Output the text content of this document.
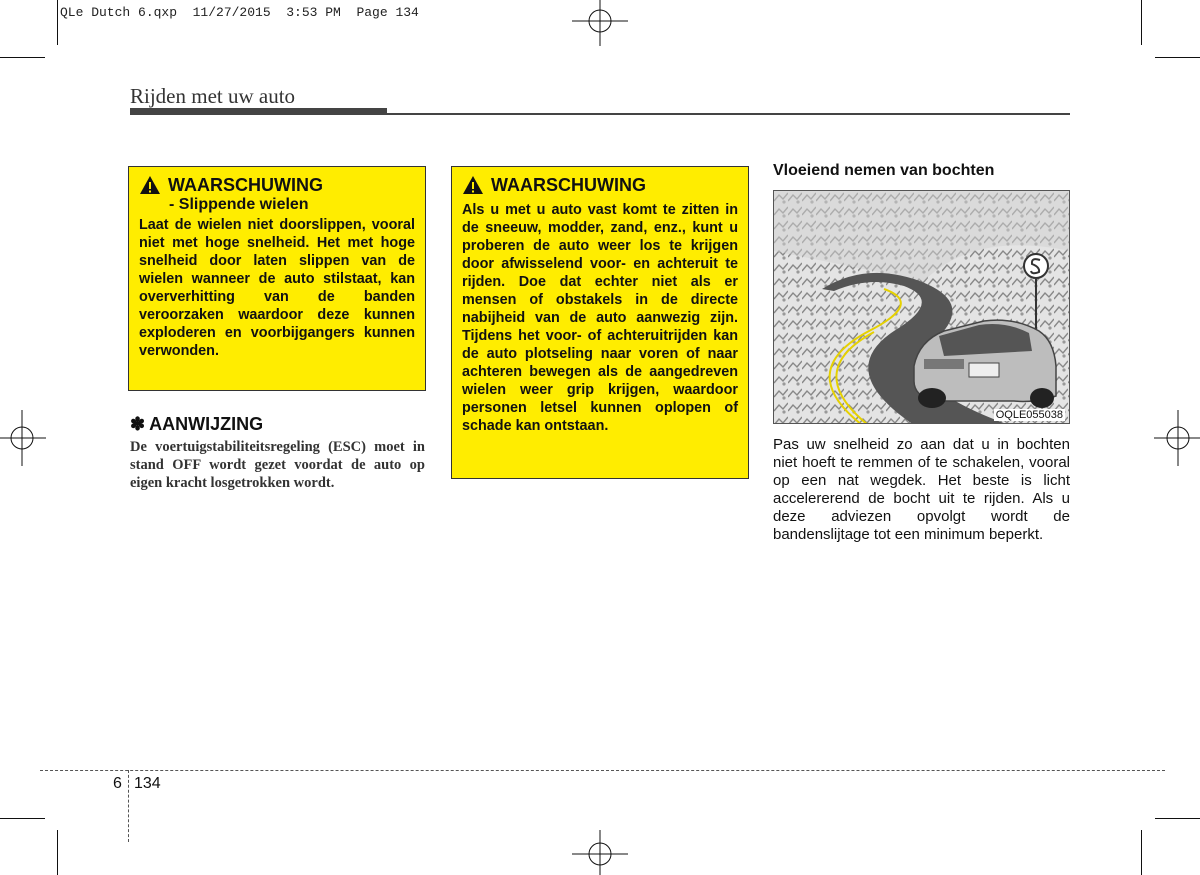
QLe Dutch 6.qxp  11/27/2015  3:53 PM  Page 134
Rijden met uw auto
WAARSCHUWING
- Slippende wielen
Laat de wielen niet doorslippen, vooral niet met hoge snelheid. Het met hoge snelheid door laten slippen van de wielen wanneer de auto stilstaat, kan oververhitting van de banden veroorzaken waardoor deze kunnen exploderen en voorbijgangers kunnen verwonden.
✽ AANWIJZING
De voertuigstabiliteitsregeling (ESC) moet in stand OFF wordt gezet voordat de auto op eigen kracht losgetrokken wordt.
WAARSCHUWING
Als u met u auto vast komt te zitten in de sneeuw, modder, zand, enz., kunt u proberen de auto weer los te krijgen door afwisselend voor- en achteruit te rijden. Doe dat echter niet als er mensen of obstakels in de directe nabijheid van de auto aanwezig zijn. Tijdens het voor- of achteruitrijden kan de auto plotseling naar voren of naar achteren bewegen als de aangedreven wielen weer grip krijgen, waardoor personen letsel kunnen oplopen of schade kan ontstaan.
Vloeiend nemen van bochten
OQLE055038
Pas uw snelheid zo aan dat u in bochten niet hoeft te remmen of te schakelen, vooral op een nat wegdek. Het beste is licht accelererend de bocht uit te rijden. Als u deze adviezen opvolgt wordt de bandenslijtage tot een minimum beperkt.
6 134
